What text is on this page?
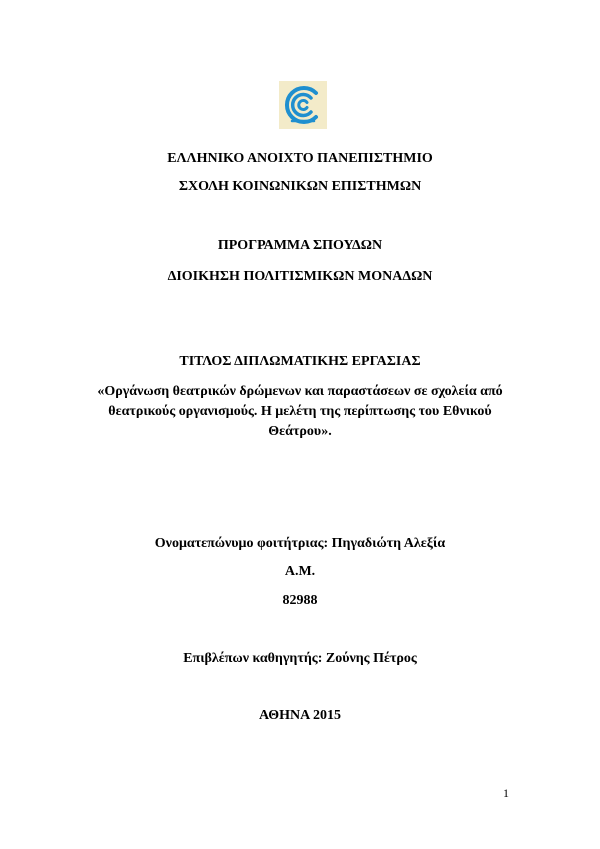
ΕΛΛΗΝΙΚΟ ΑΝΟΙΧΤΟ ΠΑΝΕΠΙΣΤΗΜΙΟ
ΣΧΟΛΗ ΚΟΙΝΩΝΙΚΩΝ ΕΠΙΣΤΗΜΩΝ
ΠΡΟΓΡΑΜΜΑ ΣΠΟΥΔΩΝ
ΔΙΟΙΚΗΣΗ ΠΟΛΙΤΙΣΜΙΚΩΝ ΜΟΝΑΔΩΝ
ΤΙΤΛΟΣ ΔΙΠΛΩΜΑΤΙΚΗΣ ΕΡΓΑΣΙΑΣ
«Οργάνωση θεατρικών δρώμενων και παραστάσεων σε σχολεία από θεατρικούς οργανισμούς. Η μελέτη της περίπτωσης του Εθνικού Θεάτρου».
Ονοματεπώνυμο φοιτήτριας: Πηγαδιώτη Αλεξία
Α.Μ.
82988
Επιβλέπων καθηγητής: Ζούνης Πέτρος
ΑΘΗΝΑ 2015
1
